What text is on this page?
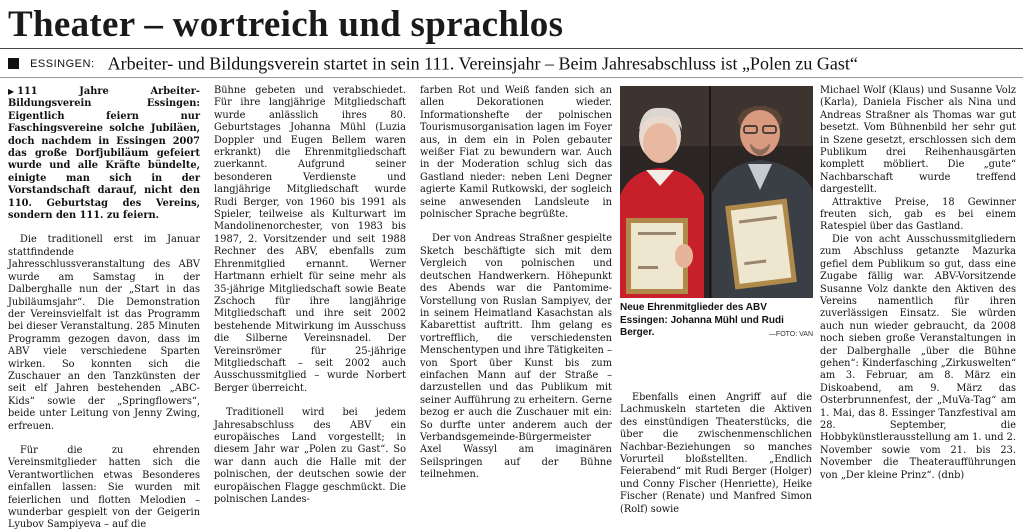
Theater – wortreich und sprachlos
ESSINGEN: Arbeiter- und Bildungsverein startet in sein 111. Vereinsjahr – Beim Jahresabschluss ist „Polen zu Gast“

▶ 111 Jahre Arbeiter-Bildungsverein Essingen: Eigentlich feiern nur Faschingsvereine solche Jubiläen, doch nachdem in Essingen 2007 das große Dorfjubiläum gefeiert wurde und alle Kräfte bündelte, einigte man sich in der Vorstandschaft darauf, nicht den 110. Geburtstag des Vereins, sondern den 111. zu feiern.

Die traditionell erst im Januar stattfindende Jahresschlussveranstaltung des ABV wurde am Samstag in der Dalberghalle nun der „Start in das Jubiläumsjahr“. Die Demonstration der Vereinsvielfalt ist das Programm bei dieser Veranstaltung. 285 Minuten Programm gezogen davon, dass im ABV viele verschiedene Sparten wirken. So konnten sich die Zuschauer an den Tanzkünsten der seit elf Jahren bestehenden „ABC-Kids“ sowie der „Springflowers“, beide unter Leitung von Jenny Zwing, erfreuen.

Für die zu ehrenden Vereinsmitglieder hatten sich die Verantwortlichen etwas Besonderes einfallen lassen: Sie wurden mit feierlichen und flotten Melodien – wunderbar gespielt von der Geigerin Lyubov Sampiyeva – auf die

Bühne gebeten und verabschiedet. Für ihre langjährige Mitgliedschaft wurde anlässlich ihres 80. Geburtstages Johanna Mühl (Luzia Doppler und Eugen Bellem waren erkrankt) die Ehrenmitgliedschaft zuerkannt. Aufgrund seiner besonderen Verdienste und langjährige Mitgliedschaft wurde Rudi Berger, von 1960 bis 1991 als Spieler, teilweise als Kulturwart im Mandolinenorchester, von 1983 bis 1987, 2. Vorsitzender und seit 1988 Rechner des ABV, ebenfalls zum Ehrenmitglied ernannt. Werner Hartmann erhielt für seine mehr als 35-jährige Mitgliedschaft sowie Beate Zschoch für ihre langjährige Mitgliedschaft und ihre seit 2002 bestehende Mitwirkung im Ausschuss die Silberne Vereinsnadel. Der Vereinsrömer für 25-jährige Mitgliedschaft – seit 2002 auch Ausschussmitglied – wurde Norbert Berger überreicht.

Traditionell wird bei jedem Jahresabschluss des ABV ein europäisches Land vorgestellt; in diesem Jahr war „Polen zu Gast“. So war dann auch die Halle mit der polnischen, der deutschen sowie der europäischen Flagge geschmückt. Die polnischen Landes-

farben Rot und Weiß fanden sich an allen Dekorationen wieder. Informationshefte der polnischen Tourismusorganisation lagen im Foyer aus, in dem ein in Polen gebauter weißer Fiat zu bewundern war. Auch in der Moderation schlug sich das Gastland nieder: neben Leni Degner agierte Kamil Rutkowski, der sogleich seine anwesenden Landsleute in polnischer Sprache begrüßte.

Der von Andreas Straßner gespielte Sketch beschäftigte sich mit dem Vergleich von polnischen und deutschen Handwerkern. Höhepunkt des Abends war die Pantomime-Vorstellung von Ruslan Sampiyev, der in seinem Heimatland Kasachstan als Kabarettist auftritt. Ihm gelang es vortrefflich, die verschiedensten Menschentypen und ihre Tätigkeiten – von Sport über Kunst bis zum einfachen Mann auf der Straße – darzustellen und das Publikum mit seiner Aufführung zu erheitern. Gerne bezog er auch die Zuschauer mit ein: So durfte unter anderem auch der Verbandsgemeinde-Bürgermeister Axel Wassyl am imaginären Seilspringen auf der Bühne teilnehmen.

Neue Ehrenmitglieder des ABV Essingen: Johanna Mühl und Rudi Berger.	—FOTO: VAN

Ebenfalls einen Angriff auf die Lachmuskeln starteten die Aktiven des einstündigen Theaterstücks, die über die zwischenmenschlichen Nachbar-Beziehungen so manches Vorurteil bloßstellten. „Endlich Feierabend“ mit Rudi Berger (Holger) und Conny Fischer (Henriette), Heike Fischer (Renate) und Manfred Simon (Rolf) sowie

Michael Wolf (Klaus) und Susanne Volz (Karla), Daniela Fischer als Nina und Andreas Straßner als Thomas war gut besetzt. Vom Bühnenbild her sehr gut in Szene gesetzt, erschlossen sich dem Publikum drei Reihenhausgärten komplett möbliert. Die „gute“ Nachbarschaft wurde treffend dargestellt.

Attraktive Preise, 18 Gewinner freuten sich, gab es bei einem Ratespiel über das Gastland.

Die von acht Ausschussmitgliedern zum Abschluss getanzte Mazurka gefiel dem Publikum so gut, dass eine Zugabe fällig war. ABV-Vorsitzende Susanne Volz dankte den Aktiven des Vereins namentlich für ihren zuverlässigen Einsatz. Sie würden auch nun wieder gebraucht, da 2008 noch sieben große Veranstaltungen in der Dalberghalle „über die Bühne gehen“: Kinderfasching „Zirkuswelten“ am 3. Februar, am 8. März ein Diskoabend, am 9. März das Osterbrunnenfest, der „MuVa-Tag“ am 1. Mai, das 8. Essinger Tanzfestival am 28. September, die Hobbykünstlerausstellung am 1. und 2. November sowie vom 21. bis 23. November die Theateraufführungen von „Der kleine Prinz“. (dnb)
